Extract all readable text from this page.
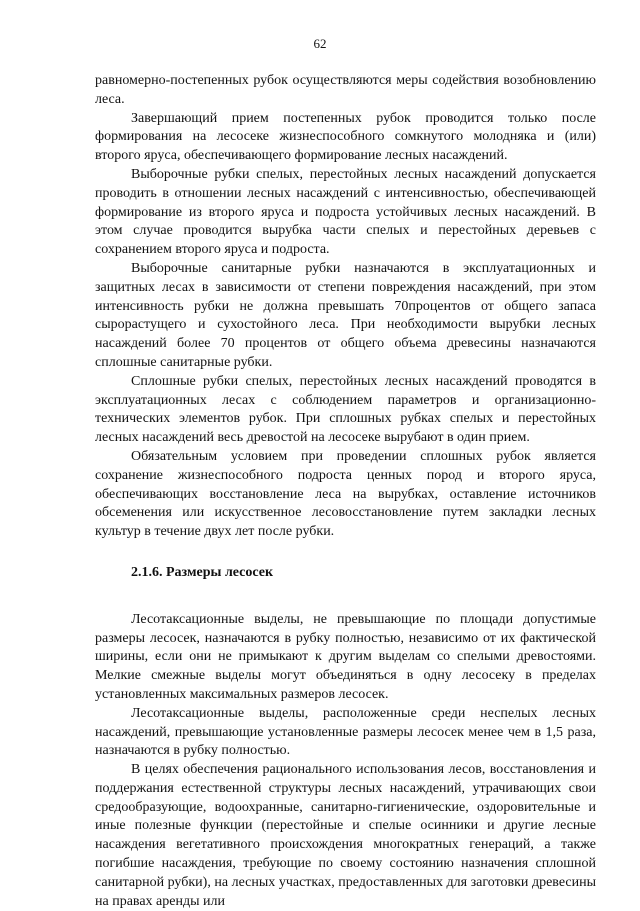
62

равномерно-постепенных рубок осуществляются меры содействия возобновлению леса.

Завершающий прием постепенных рубок проводится только после формирования на лесосеке жизнеспособного сомкнутого молодняка и (или) второго яруса, обеспечивающего формирование лесных насаждений.

Выборочные рубки спелых, перестойных лесных насаждений допускается проводить в отношении лесных насаждений с интенсивностью, обеспечивающей формирование из второго яруса и подроста устойчивых лесных насаждений. В этом случае проводится вырубка части спелых и перестойных деревьев с сохранением второго яруса и подроста.

Выборочные санитарные рубки назначаются в эксплуатационных и защитных лесах в зависимости от степени повреждения насаждений, при этом интенсивность рубки не должна превышать 70процентов от общего запаса сырорастущего и сухостойного леса. При необходимости вырубки лесных насаждений более 70 процентов от общего объема древесины назначаются сплошные санитарные рубки.

Сплошные рубки спелых, перестойных лесных насаждений проводятся в эксплуатационных лесах с соблюдением параметров и организационно-технических элементов рубок. При сплошных рубках спелых и перестойных лесных насаждений весь древостой на лесосеке вырубают в один прием.

Обязательным условием при проведении сплошных рубок является сохранение жизнеспособного подроста ценных пород и второго яруса, обеспечивающих восстановление леса на вырубках, оставление источников обсеменения или искусственное лесовосстановление путем закладки лесных культур в течение двух лет после рубки.

2.1.6. Размеры лесосек

Лесотаксационные выделы, не превышающие по площади допустимые размеры лесосек, назначаются в рубку полностью, независимо от их фактической ширины, если они не примыкают к другим выделам со спелыми древостоями. Мелкие смежные выделы могут объединяться в одну лесосеку в пределах установленных максимальных размеров лесосек.

Лесотаксационные выделы, расположенные среди неспелых лесных насаждений, превышающие установленные размеры лесосек менее чем в 1,5 раза, назначаются в рубку полностью.

В целях обеспечения рационального использования лесов, восстановления и поддержания естественной структуры лесных насаждений, утрачивающих свои средообразующие, водоохранные, санитарно-гигиенические, оздоровительные и иные полезные функции (перестойные и спелые осинники и другие лесные насаждения вегетативного происхождения многократных генераций, а также погибшие насаждения, требующие по своему состоянию назначения сплошной санитарной рубки), на лесных участках, предоставленных для заготовки древесины на правах аренды или
